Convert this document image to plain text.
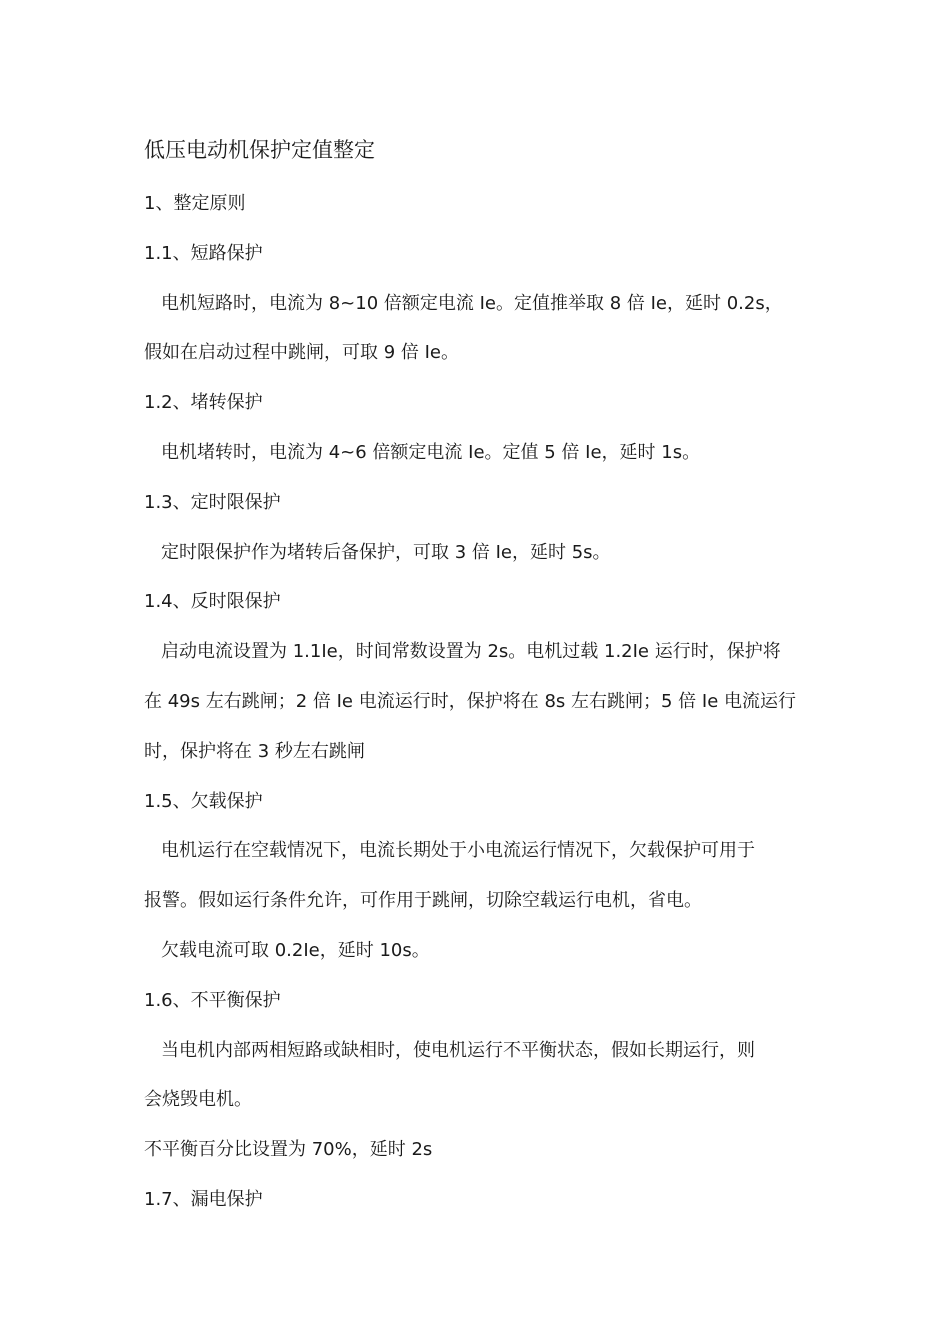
低压电动机保护定值整定

1、整定原则

1.1、短路保护

电机短路时，电流为 8~10 倍额定电流 Ie。定值推举取 8 倍 Ie，延时 0.2s，

假如在启动过程中跳闸，可取 9 倍 Ie。

1.2、堵转保护

电机堵转时，电流为 4~6 倍额定电流 Ie。定值 5 倍 Ie，延时 1s。

1.3、定时限保护

定时限保护作为堵转后备保护，可取 3 倍 Ie，延时 5s。

1.4、反时限保护

启动电流设置为 1.1Ie，时间常数设置为 2s。电机过载 1.2Ie 运行时，保护将

在 49s 左右跳闸；2 倍 Ie 电流运行时，保护将在 8s 左右跳闸；5 倍 Ie 电流运行

时，保护将在 3 秒左右跳闸

1.5、欠载保护

电机运行在空载情况下，电流长期处于小电流运行情况下，欠载保护可用于

报警。假如运行条件允许，可作用于跳闸，切除空载运行电机，省电。

欠载电流可取 0.2Ie，延时 10s。

1.6、不平衡保护

当电机内部两相短路或缺相时，使电机运行不平衡状态，假如长期运行，则

会烧毁电机。

不平衡百分比设置为 70%，延时 2s

1.7、漏电保护
